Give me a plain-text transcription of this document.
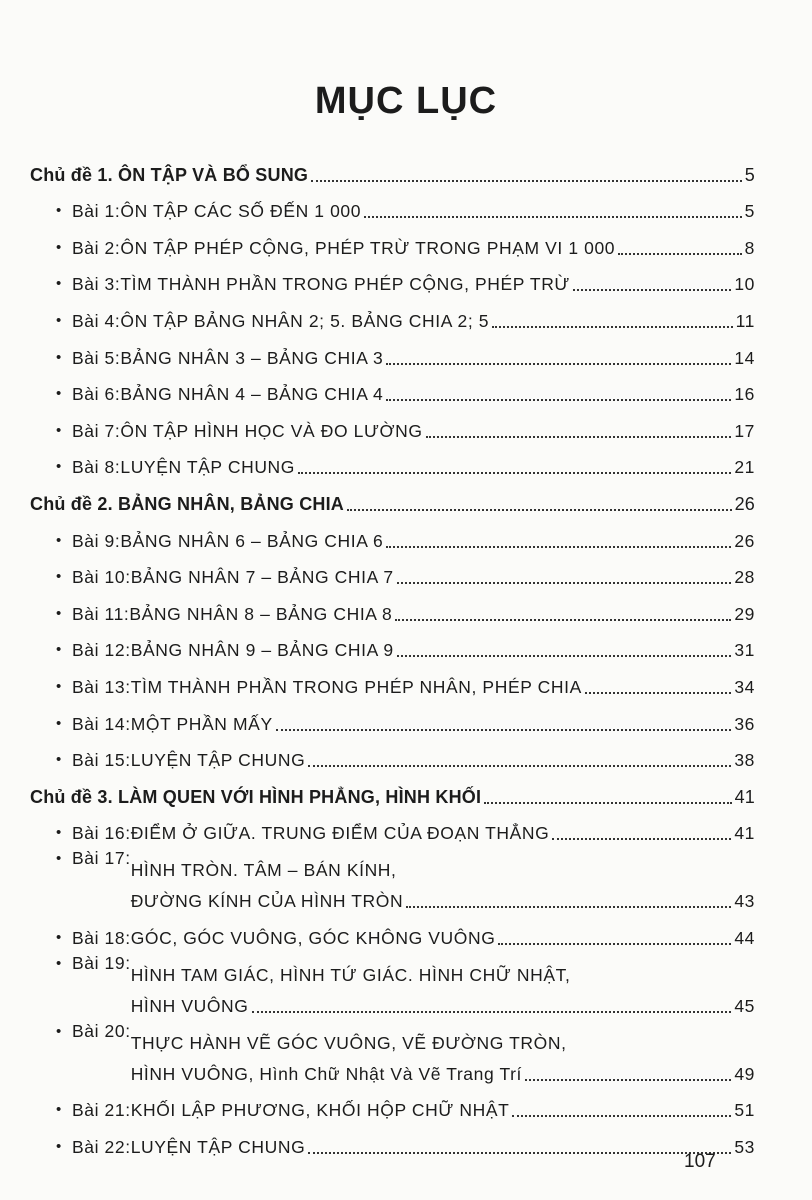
MỤC LỤC
Chủ đề 1. ÔN TẬP VÀ BỔ SUNG	5
• Bài 1: ÔN TẬP CÁC SỐ ĐẾN 1 000	5
• Bài 2: ÔN TẬP PHÉP CỘNG, PHÉP TRỪ TRONG PHẠM VI 1 000	8
• Bài 3: TÌM THÀNH PHẦN TRONG PHÉP CỘNG, PHÉP TRỪ	10
• Bài 4: ÔN TẬP BẢNG NHÂN 2; 5. BẢNG CHIA 2; 5	11
• Bài 5: BẢNG NHÂN 3 – BẢNG CHIA 3	14
• Bài 6: BẢNG NHÂN 4 – BẢNG CHIA 4	16
• Bài 7: ÔN TẬP HÌNH HỌC VÀ ĐO LƯỜNG	17
• Bài 8: LUYỆN TẬP CHUNG	21
Chủ đề 2. BẢNG NHÂN, BẢNG CHIA	26
• Bài 9: BẢNG NHÂN 6 – BẢNG CHIA 6	26
• Bài 10: BẢNG NHÂN 7 – BẢNG CHIA 7	28
• Bài 11: BẢNG NHÂN 8 – BẢNG CHIA 8	29
• Bài 12: BẢNG NHÂN 9 – BẢNG CHIA 9	31
• Bài 13: TÌM THÀNH PHẦN TRONG PHÉP NHÂN, PHÉP CHIA	34
• Bài 14: MỘT PHẦN MẤY	36
• Bài 15: LUYỆN TẬP CHUNG	38
Chủ đề 3. LÀM QUEN VỚI HÌNH PHẲNG, HÌNH KHỐI	41
• Bài 16: ĐIỂM Ở GIỮA. TRUNG ĐIỂM CỦA ĐOẠN THẲNG	41
• Bài 17:
HÌNH TRÒN. TÂM – BÁN KÍNH,
ĐƯỜNG KÍNH CỦA HÌNH TRÒN	43
• Bài 18: GÓC, GÓC VUÔNG, GÓC KHÔNG VUÔNG	44
• Bài 19:
HÌNH TAM GIÁC, HÌNH TỨ GIÁC. HÌNH CHỮ NHẬT,
HÌNH VUÔNG	45
• Bài 20:
THỰC HÀNH VẼ GÓC VUÔNG, VẼ ĐƯỜNG TRÒN,
HÌNH VUÔNG, Hình Chữ Nhật Và Vẽ Trang Trí	49
• Bài 21: KHỐI LẬP PHƯƠNG, KHỐI HỘP CHỮ NHẬT	51
• Bài 22: LUYỆN TẬP CHUNG	53
107
